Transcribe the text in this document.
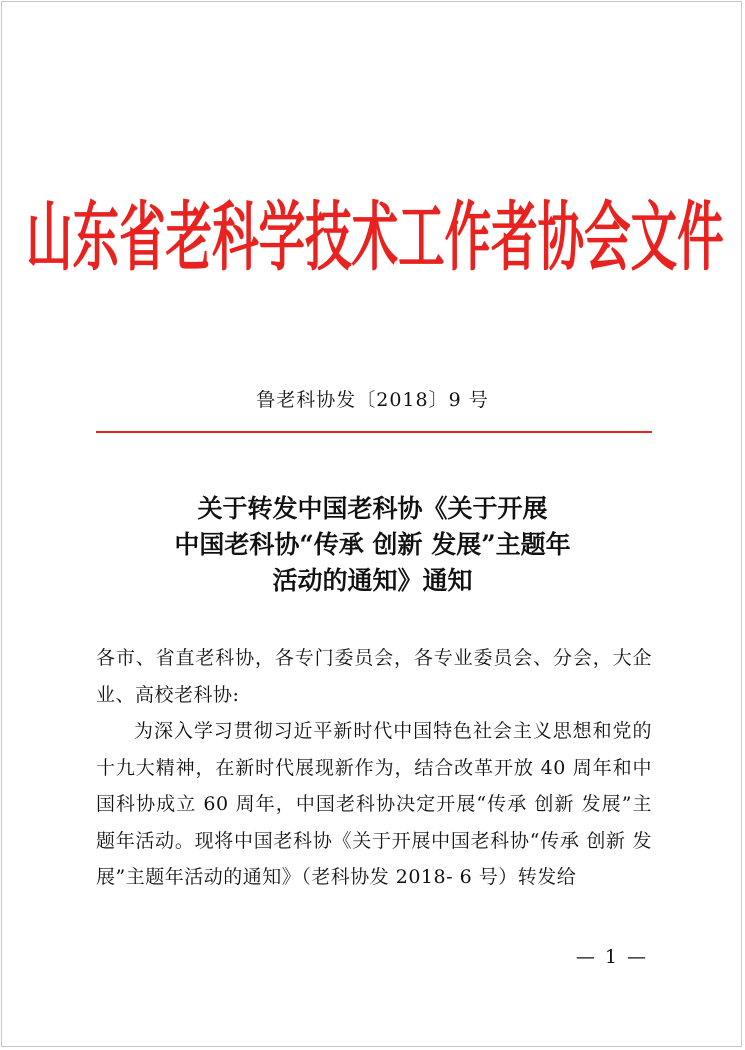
山东省老科学技术工作者协会文件
鲁老科协发〔2018〕9 号
关于转发中国老科协《关于开展
中国老科协“传承 创新 发展”主题年
活动的通知》通知

各市、省直老科协，各专门委员会，各专业委员会、分会，大企业、高校老科协:

为深入学习贯彻习近平新时代中国特色社会主义思想和党的十九大精神，在新时代展现新作为，结合改革开放 40 周年和中国科协成立 60 周年，中国老科协决定开展“传承 创新 发展”主题年活动。现将中国老科协《关于开展中国老科协“传承 创新 发展”主题年活动的通知》（老科协发 2018- 6 号）转发给

— 1 —
